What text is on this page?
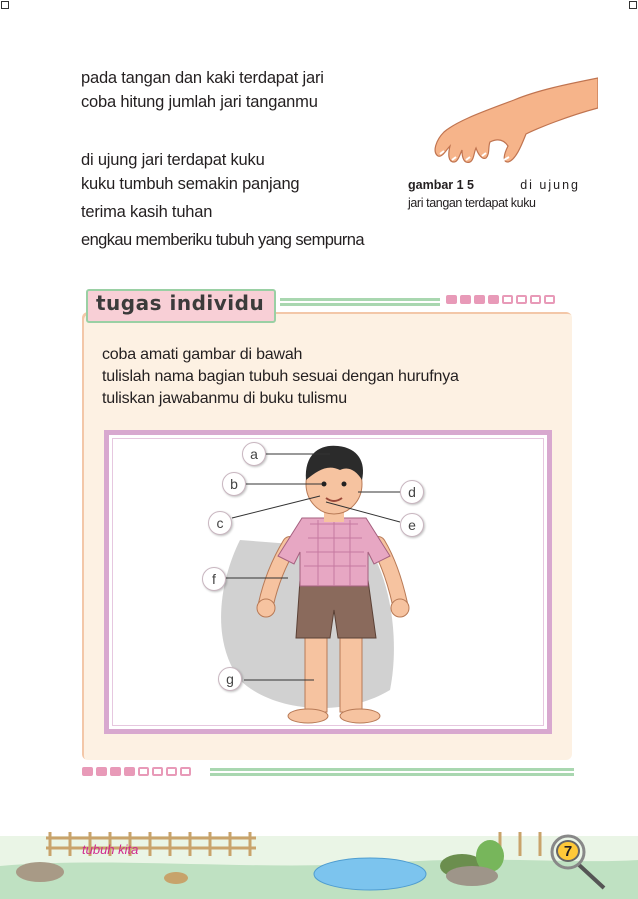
pada tangan dan kaki terdapat jari
coba hitung jumlah jari tanganmu
di ujung jari terdapat kuku
kuku tumbuh semakin panjang
terima kasih tuhan
engkau memberiku tubuh yang sempurna
gambar 1 5	di ujung
jari tangan terdapat kuku
tugas individu
coba amati gambar di bawah
tulislah nama bagian tubuh sesuai dengan hurufnya
tuliskan jawabanmu di buku tulismu
a
b
c
d
e
f
g
tubuh kita	7
